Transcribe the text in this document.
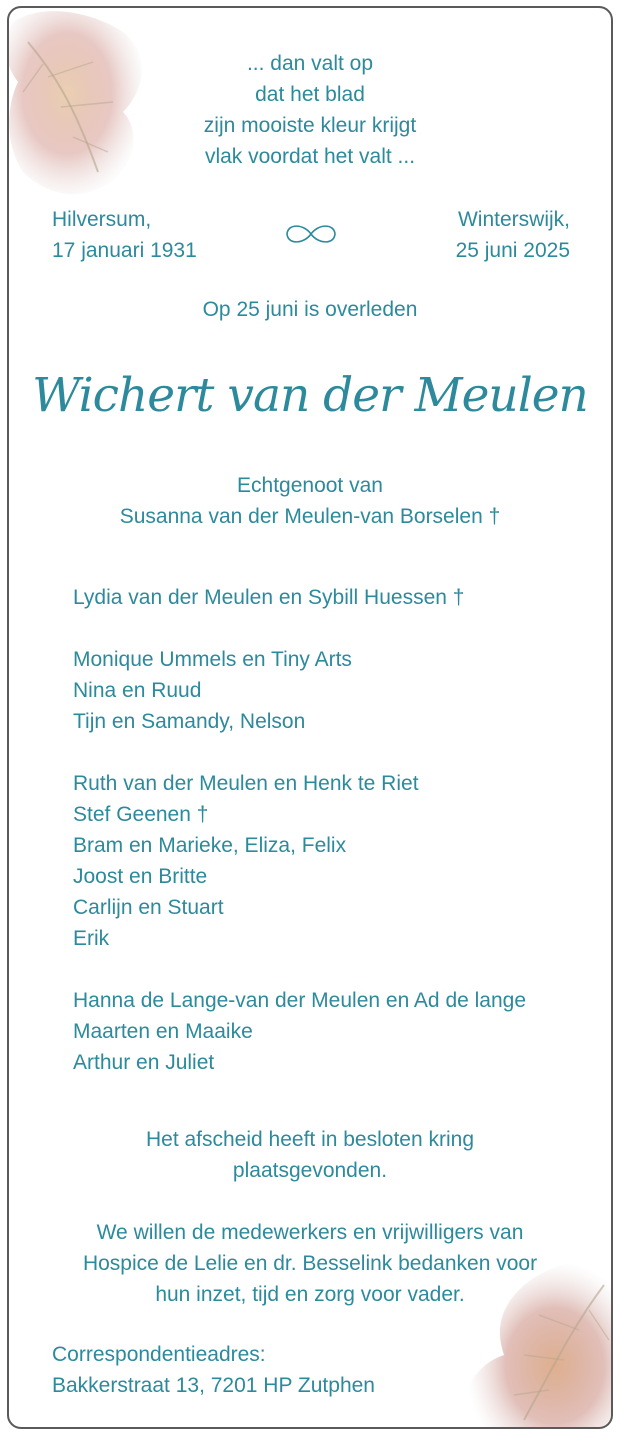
... dan valt op
dat het blad
zijn mooiste kleur krijgt
vlak voordat het valt ...
Hilversum,
17 januari 1931
Winterswijk,
25 juni 2025
Op 25 juni is overleden
Wichert van der Meulen
Echtgenoot van
Susanna van der Meulen-van Borselen †
Lydia van der Meulen en Sybill Huessen †
Monique Ummels en Tiny Arts
Nina en Ruud
Tijn en Samandy, Nelson
Ruth van der Meulen en Henk te Riet
Stef Geenen †
Bram en Marieke, Eliza, Felix
Joost en Britte
Carlijn en Stuart
Erik
Hanna de Lange-van der Meulen en Ad de lange
Maarten en Maaike
Arthur en Juliet
Het afscheid heeft in besloten kring
plaatsgevonden.
We willen de medewerkers en vrijwilligers van
Hospice de Lelie en dr. Besselink bedanken voor
hun inzet, tijd en zorg voor vader.
Correspondentieadres:
Bakkerstraat 13, 7201 HP Zutphen
